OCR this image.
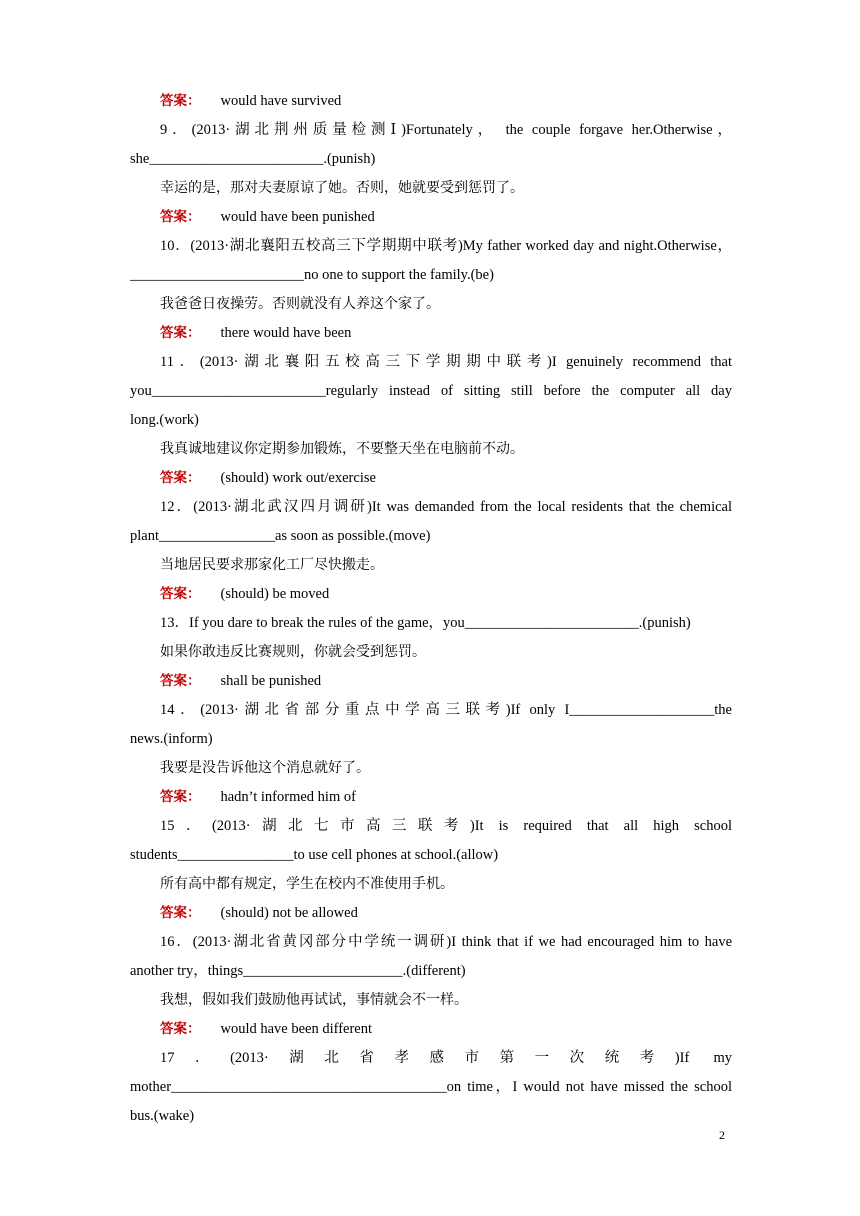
答案： would have survived
9．(2013·湖北荆州质量检测Ⅰ)Fortunately， the couple forgave her.Otherwise，
she________________________.(punish)
幸运的是，那对夫妻原谅了她。否则，她就要受到惩罚了。
答案： would have been punished
10．(2013·湖北襄阳五校高三下学期期中联考)My father worked day and night.Otherwise，
________________________no one to support the family.(be)
我爸爸日夜操劳。否则就没有人养这个家了。
答案： there would have been
11．(2013·湖北襄阳五校高三下学期期中联考)I genuinely recommend that
you________________________regularly instead of sitting still before the computer all day
long.(work)
我真诚地建议你定期参加锻炼，不要整天坐在电脑前不动。
答案： (should) work out/exercise
12．(2013·湖北武汉四月调研)It was demanded from the local residents that the chemical
plant________________as soon as possible.(move)
当地居民要求那家化工厂尽快搬走。
答案： (should) be moved
13．If you dare to break the rules of the game，you________________________.(punish)
如果你敢违反比赛规则，你就会受到惩罚。
答案： shall be punished
14．(2013·湖北省部分重点中学高三联考)If only I____________________the
news.(inform)
我要是没告诉他这个消息就好了。
答案： hadn’t informed him of
15．(2013·湖北七市高三联考)It is required that all high school
students________________to use cell phones at school.(allow)
所有高中都有规定，学生在校内不准使用手机。
答案： (should) not be allowed
16．(2013·湖北省黄冈部分中学统一调研)I think that if we had encouraged him to have
another try，things______________________.(different)
我想，假如我们鼓励他再试试，事情就会不一样。
答案： would have been different
17．(2013·湖北省孝感市第一次统考)If my
mother______________________________________on time，I would not have missed the school
bus.(wake)
2
